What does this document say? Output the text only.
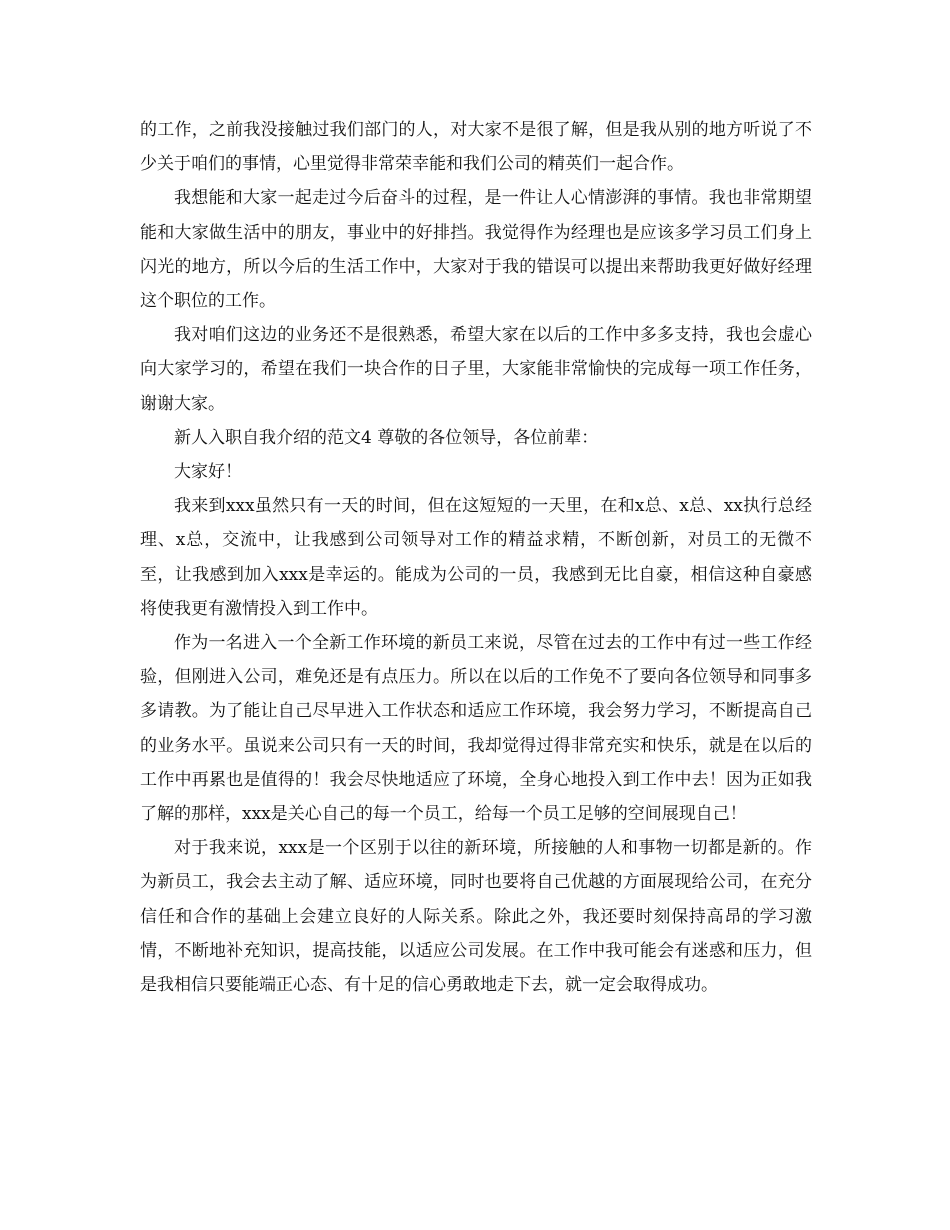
的工作，之前我没接触过我们部门的人，对大家不是很了解，但是我从别的地方听说了不少关于咱们的事情，心里觉得非常荣幸能和我们公司的精英们一起合作。

我想能和大家一起走过今后奋斗的过程，是一件让人心情澎湃的事情。我也非常期望能和大家做生活中的朋友，事业中的好排挡。我觉得作为经理也是应该多学习员工们身上闪光的地方，所以今后的生活工作中，大家对于我的错误可以提出来帮助我更好做好经理这个职位的工作。

我对咱们这边的业务还不是很熟悉，希望大家在以后的工作中多多支持，我也会虚心向大家学习的，希望在我们一块合作的日子里，大家能非常愉快的完成每一项工作任务，谢谢大家。

新人入职自我介绍的范文4 尊敬的各位领导，各位前辈：

大家好！

我来到xxx虽然只有一天的时间，但在这短短的一天里，在和x总、x总、xx执行总经理、x总，交流中，让我感到公司领导对工作的精益求精，不断创新，对员工的无微不至，让我感到加入xxx是幸运的。能成为公司的一员，我感到无比自豪，相信这种自豪感将使我更有激情投入到工作中。

作为一名进入一个全新工作环境的新员工来说，尽管在过去的工作中有过一些工作经验，但刚进入公司，难免还是有点压力。所以在以后的工作免不了要向各位领导和同事多多请教。为了能让自己尽早进入工作状态和适应工作环境，我会努力学习，不断提高自己的业务水平。虽说来公司只有一天的时间，我却觉得过得非常充实和快乐，就是在以后的工作中再累也是值得的！我会尽快地适应了环境，全身心地投入到工作中去！因为正如我了解的那样，xxx是关心自己的每一个员工，给每一个员工足够的空间展现自己！

对于我来说，xxx是一个区别于以往的新环境，所接触的人和事物一切都是新的。作为新员工，我会去主动了解、适应环境，同时也要将自己优越的方面展现给公司，在充分信任和合作的基础上会建立良好的人际关系。除此之外，我还要时刻保持高昂的学习激情，不断地补充知识，提高技能，以适应公司发展。在工作中我可能会有迷惑和压力，但是我相信只要能端正心态、有十足的信心勇敢地走下去，就一定会取得成功。
